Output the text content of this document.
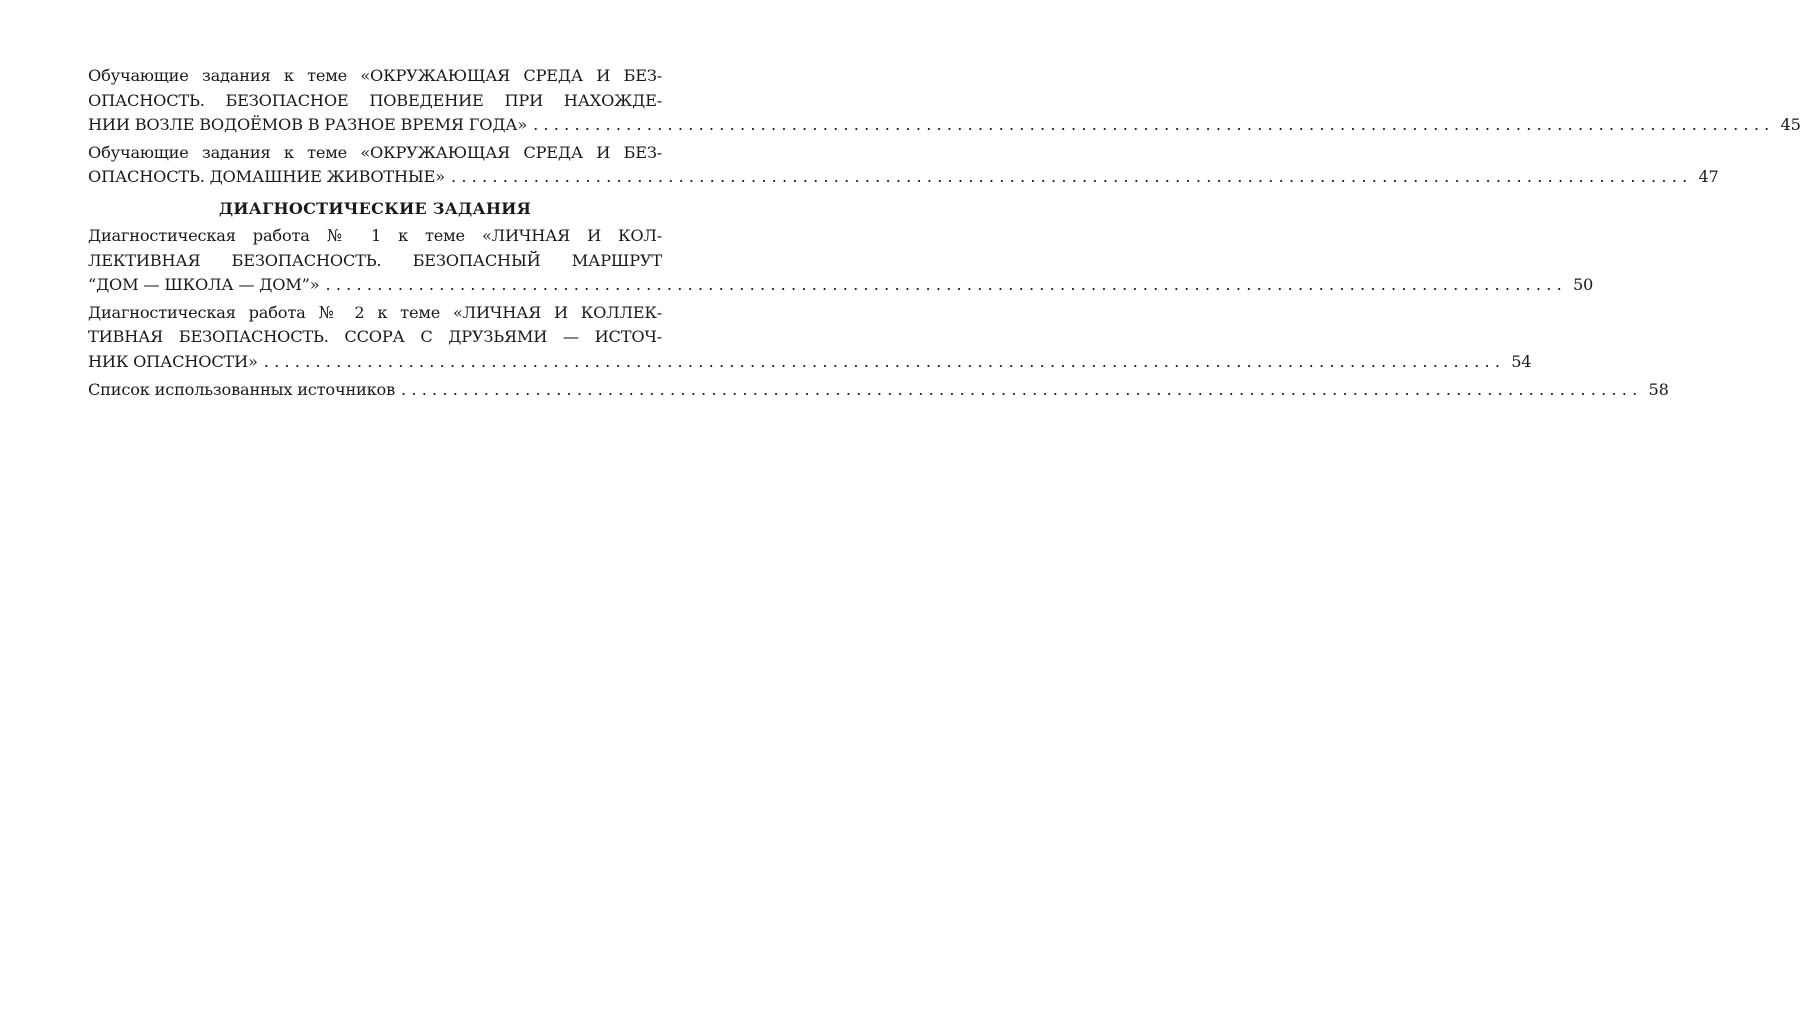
Обучающие задания к теме «ОКРУЖАЮЩАЯ СРЕДА И БЕЗ-
ОПАСНОСТЬ. БЕЗОПАСНОЕ ПОВЕДЕНИЕ ПРИ НАХОЖДЕ-
НИИ ВОЗЛЕ ВОДОЁМОВ В РАЗНОЕ ВРЕМЯ ГОДА» ........................................................................................................................ 45
Обучающие задания к теме «ОКРУЖАЮЩАЯ СРЕДА И БЕЗ-
ОПАСНОСТЬ. ДОМАШНИЕ ЖИВОТНЫЕ» ........................................................................................................................ 47
ДИАГНОСТИЧЕСКИЕ ЗАДАНИЯ
Диагностическая работа № 1 к теме «ЛИЧНАЯ И КОЛ-
ЛЕКТИВНАЯ БЕЗОПАСНОСТЬ. БЕЗОПАСНЫЙ МАРШРУТ
“ДОМ — ШКОЛА — ДОМ”» ........................................................................................................................ 50
Диагностическая работа № 2 к теме «ЛИЧНАЯ И КОЛЛЕК-
ТИВНАЯ БЕЗОПАСНОСТЬ. ССОРА С ДРУЗЬЯМИ — ИСТОЧ-
НИК ОПАСНОСТИ» ........................................................................................................................ 54
Список использованных источников ........................................................................................................................ 58
